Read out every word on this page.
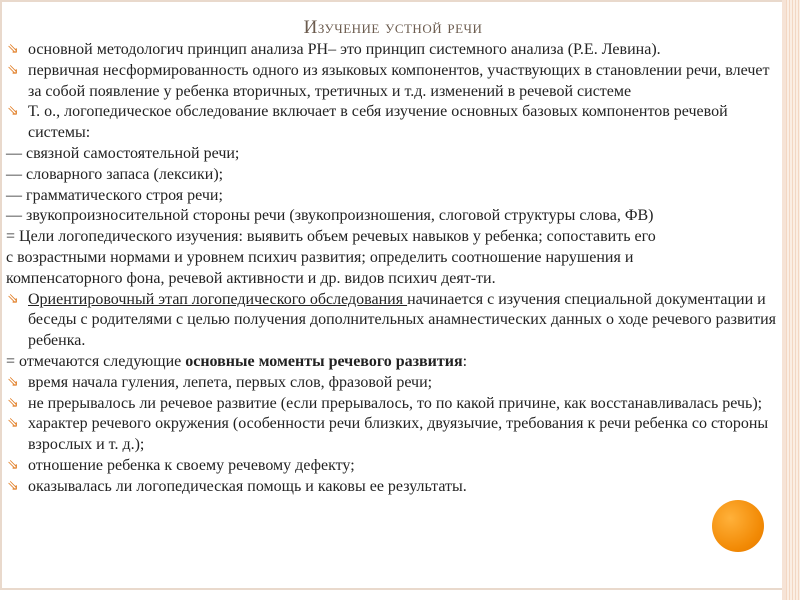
Изучение устной речи
⇘ основной методологич принцип анализа РН– это принцип системного анализа (Р.Е. Левина).
⇘ первичная несформированность одного из языковых компонентов, участвующих в становлении речи, влечет за собой появление у ребенка вторичных, третичных и т.д. изменений в речевой системе
⇘ Т. о., логопедическое обследование включает в себя изучение основных базовых компонентов речевой системы:
— связной самостоятельной речи;
— словарного запаса (лексики);
— грамматического строя речи;
— звукопроизносительной стороны речи (звукопроизношения, слоговой структуры слова, ФВ)
= Цели логопедического изучения: выявить объем речевых навыков у ребенка; сопоставить его
с возрастными нормами и уровнем психич развития; определить соотношение нарушения и
компенсаторного фона, речевой активности и др. видов психич деят-ти.
⇘ Ориентировочный этап логопедического обследования начинается с изучения специальной документации и беседы с родителями с целью получения дополнительных анамнестических данных о ходе речевого развития ребенка.
= отмечаются следующие основные моменты речевого развития:
⇘ время начала гуления, лепета, первых слов, фразовой речи;
⇘ не прерывалось ли речевое развитие (если прерывалось, то по какой причине, как восстанавливалась речь);
⇘ характер речевого окружения (особенности речи близких, двуязычие, требования к речи ребенка со стороны взрослых и т. д.);
⇘ отношение ребенка к своему речевому дефекту;
⇘ оказывалась ли логопедическая помощь и каковы ее результаты.
